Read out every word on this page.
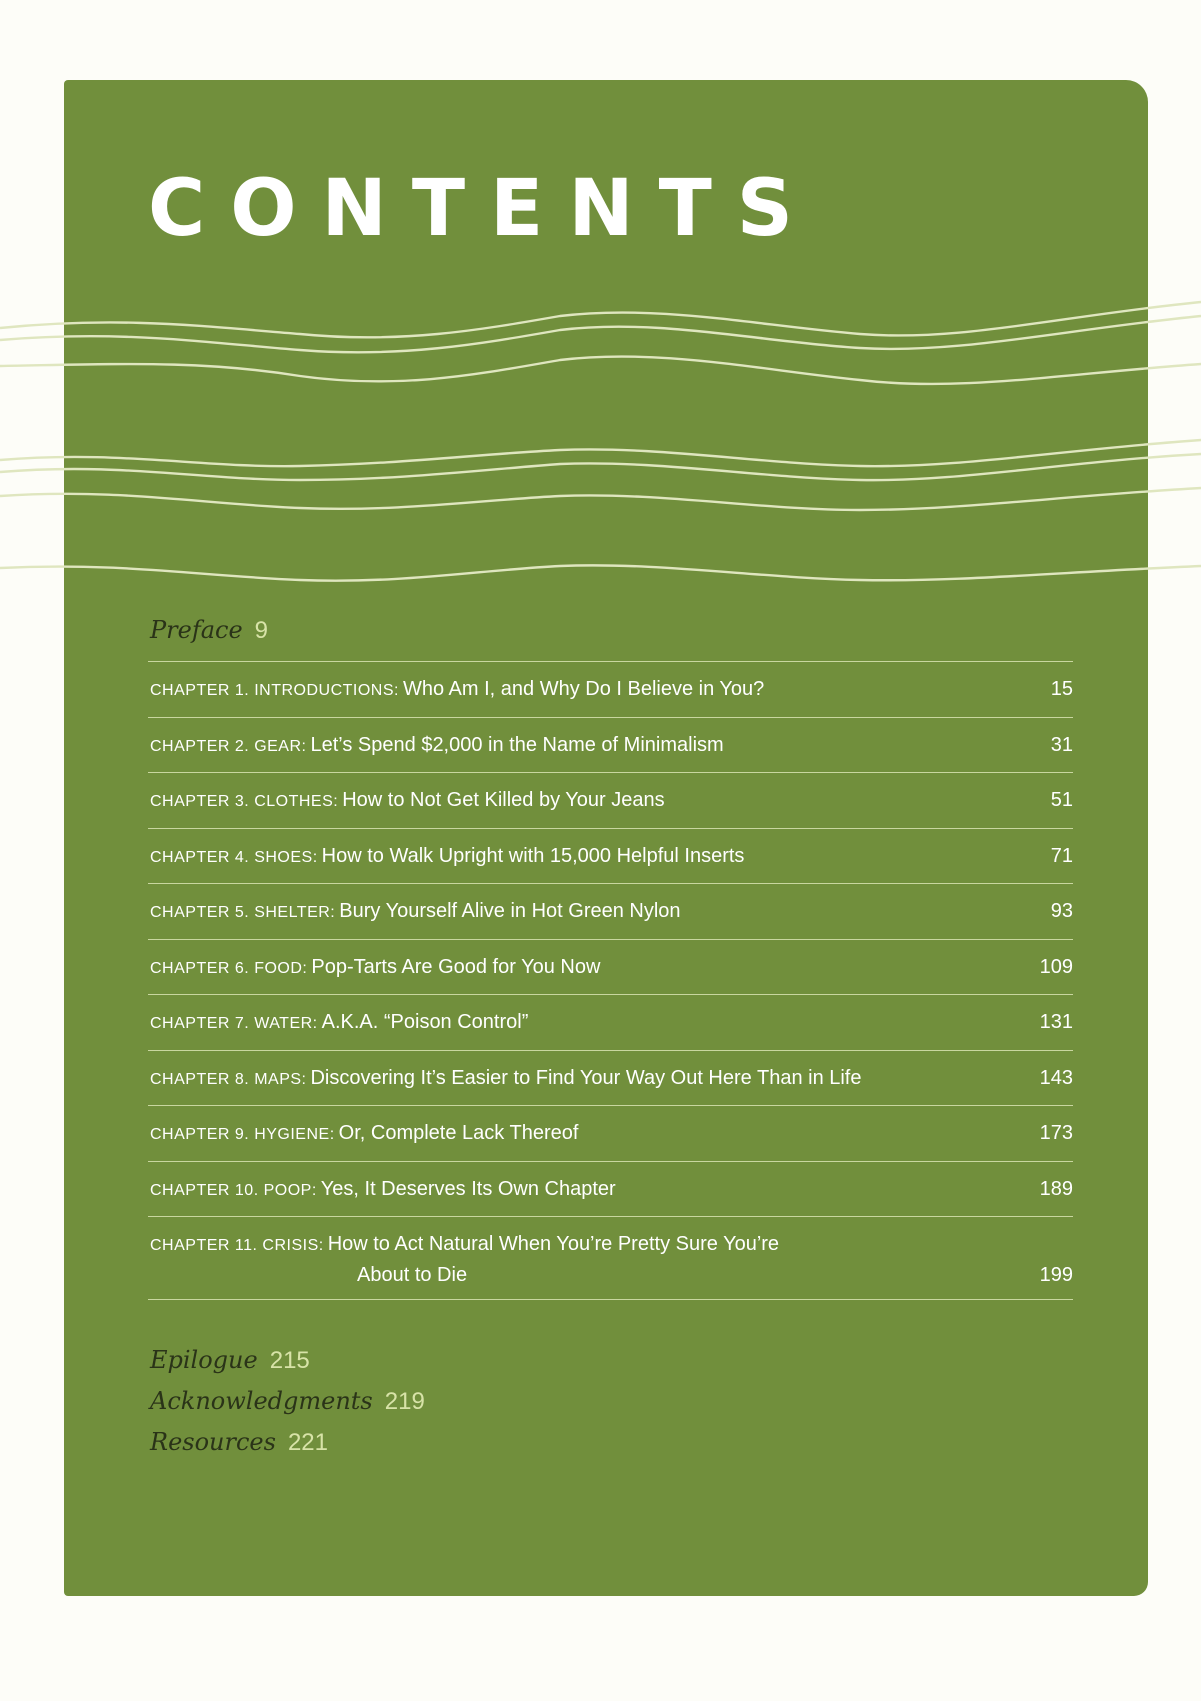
CONTENTS

Preface 9

CHAPTER 1. INTRODUCTIONS: Who Am I, and Why Do I Believe in You?	15
CHAPTER 2. GEAR: Let’s Spend $2,000 in the Name of Minimalism	31
CHAPTER 3. CLOTHES: How to Not Get Killed by Your Jeans	51
CHAPTER 4. SHOES: How to Walk Upright with 15,000 Helpful Inserts	71
CHAPTER 5. SHELTER: Bury Yourself Alive in Hot Green Nylon	93
CHAPTER 6. FOOD: Pop-Tarts Are Good for You Now	109
CHAPTER 7. WATER: A.K.A. “Poison Control”	131
CHAPTER 8. MAPS: Discovering It’s Easier to Find Your Way Out Here Than in Life	143
CHAPTER 9. HYGIENE: Or, Complete Lack Thereof	173
CHAPTER 10. POOP: Yes, It Deserves Its Own Chapter	189
CHAPTER 11. CRISIS: How to Act Natural When You’re Pretty Sure You’re
About to Die	199

Epilogue 215

Acknowledgments 219

Resources 221
